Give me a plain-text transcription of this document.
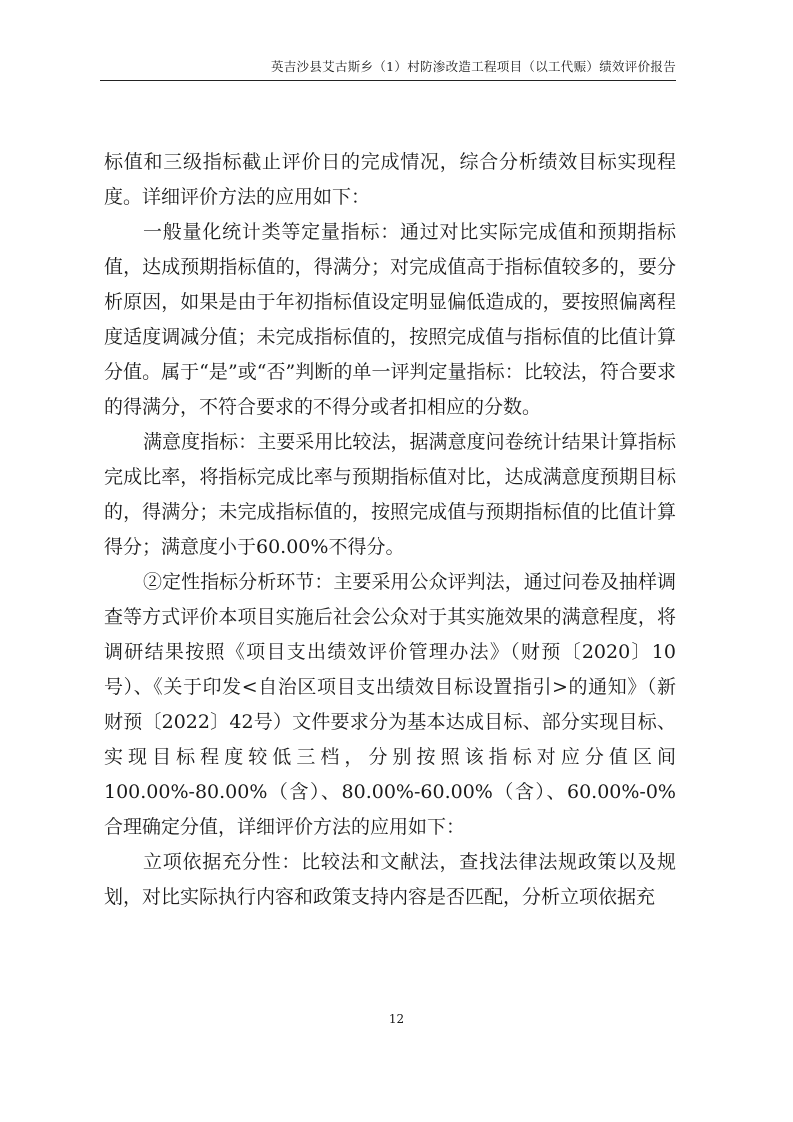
英吉沙县艾古斯乡（1）村防渗改造工程项目（以工代赈）绩效评价报告

标值和三级指标截止评价日的完成情况，综合分析绩效目标实现程度。详细评价方法的应用如下：

一般量化统计类等定量指标：通过对比实际完成值和预期指标值，达成预期指标值的，得满分；对完成值高于指标值较多的，要分析原因，如果是由于年初指标值设定明显偏低造成的，要按照偏离程度适度调减分值；未完成指标值的，按照完成值与指标值的比值计算分值。属于“是”或“否”判断的单一评判定量指标：比较法，符合要求的得满分，不符合要求的不得分或者扣相应的分数。

满意度指标：主要采用比较法，据满意度问卷统计结果计算指标完成比率，将指标完成比率与预期指标值对比，达成满意度预期目标的，得满分；未完成指标值的，按照完成值与预期指标值的比值计算得分；满意度小于60.00%不得分。

②定性指标分析环节：主要采用公众评判法，通过问卷及抽样调查等方式评价本项目实施后社会公众对于其实施效果的满意程度，将调研结果按照《项目支出绩效评价管理办法》（财预〔2020〕10号）、《关于印发<自治区项目支出绩效目标设置指引>的通知》（新财预〔2022〕42号）文件要求分为基本达成目标、部分实现目标、实现目标程度较低三档，分别按照该指标对应分值区间100.00%-80.00%（含）、80.00%-60.00%（含）、60.00%-0% 合理确定分值，详细评价方法的应用如下：

立项依据充分性：比较法和文献法，查找法律法规政策以及规划，对比实际执行内容和政策支持内容是否匹配，分析立项依据充

12
